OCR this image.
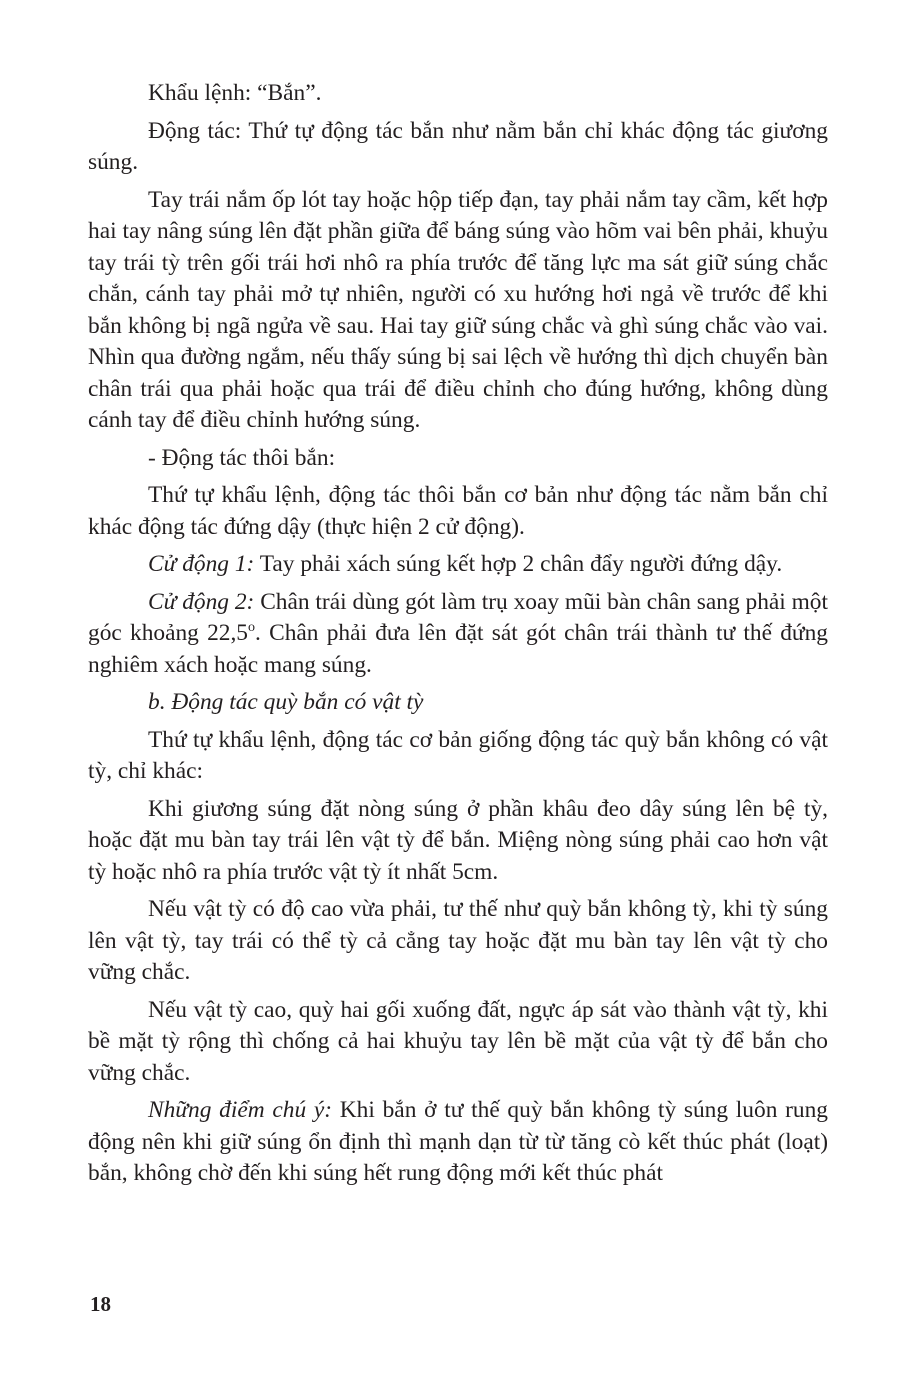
Khẩu lệnh: “Bắn”.

Động tác: Thứ tự động tác bắn như nằm bắn chỉ khác động tác giương súng.

Tay trái nắm ốp lót tay hoặc hộp tiếp đạn, tay phải nắm tay cầm, kết hợp hai tay nâng súng lên đặt phần giữa để báng súng vào hõm vai bên phải, khuỷu tay trái tỳ trên gối trái hơi nhô ra phía trước để tăng lực ma sát giữ súng chắc chắn, cánh tay phải mở tự nhiên, người có xu hướng hơi ngả về trước để khi bắn không bị ngã ngửa về sau. Hai tay giữ súng chắc và ghì súng chắc vào vai. Nhìn qua đường ngắm, nếu thấy súng bị sai lệch về hướng thì dịch chuyển bàn chân trái qua phải hoặc qua trái để điều chỉnh cho đúng hướng, không dùng cánh tay để điều chỉnh hướng súng.

- Động tác thôi bắn:

Thứ tự khẩu lệnh, động tác thôi bắn cơ bản như động tác nằm bắn chỉ khác động tác đứng dậy (thực hiện 2 cử động).

Cử động 1: Tay phải xách súng kết hợp 2 chân đẩy người đứng dậy.

Cử động 2: Chân trái dùng gót làm trụ xoay mũi bàn chân sang phải một góc khoảng 22,5$^o$. Chân phải đưa lên đặt sát gót chân trái thành tư thế đứng nghiêm xách hoặc mang súng.

b. Động tác quỳ bắn có vật tỳ

Thứ tự khẩu lệnh, động tác cơ bản giống động tác quỳ bắn không có vật tỳ, chỉ khác:

Khi giương súng đặt nòng súng ở phần khâu đeo dây súng lên bệ tỳ, hoặc đặt mu bàn tay trái lên vật tỳ để bắn. Miệng nòng súng phải cao hơn vật tỳ hoặc nhô ra phía trước vật tỳ ít nhất 5cm.

Nếu vật tỳ có độ cao vừa phải, tư thế như quỳ bắn không tỳ, khi tỳ súng lên vật tỳ, tay trái có thể tỳ cả cẳng tay hoặc đặt mu bàn tay lên vật tỳ cho vững chắc.

Nếu vật tỳ cao, quỳ hai gối xuống đất, ngực áp sát vào thành vật tỳ, khi bề mặt tỳ rộng thì chống cả hai khuỷu tay lên bề mặt của vật tỳ để bắn cho vững chắc.

Những điểm chú ý: Khi bắn ở tư thế quỳ bắn không tỳ súng luôn rung động nên khi giữ súng ổn định thì mạnh dạn từ từ tăng cò kết thúc phát (loạt) bắn, không chờ đến khi súng hết rung động mới kết thúc phát

18
